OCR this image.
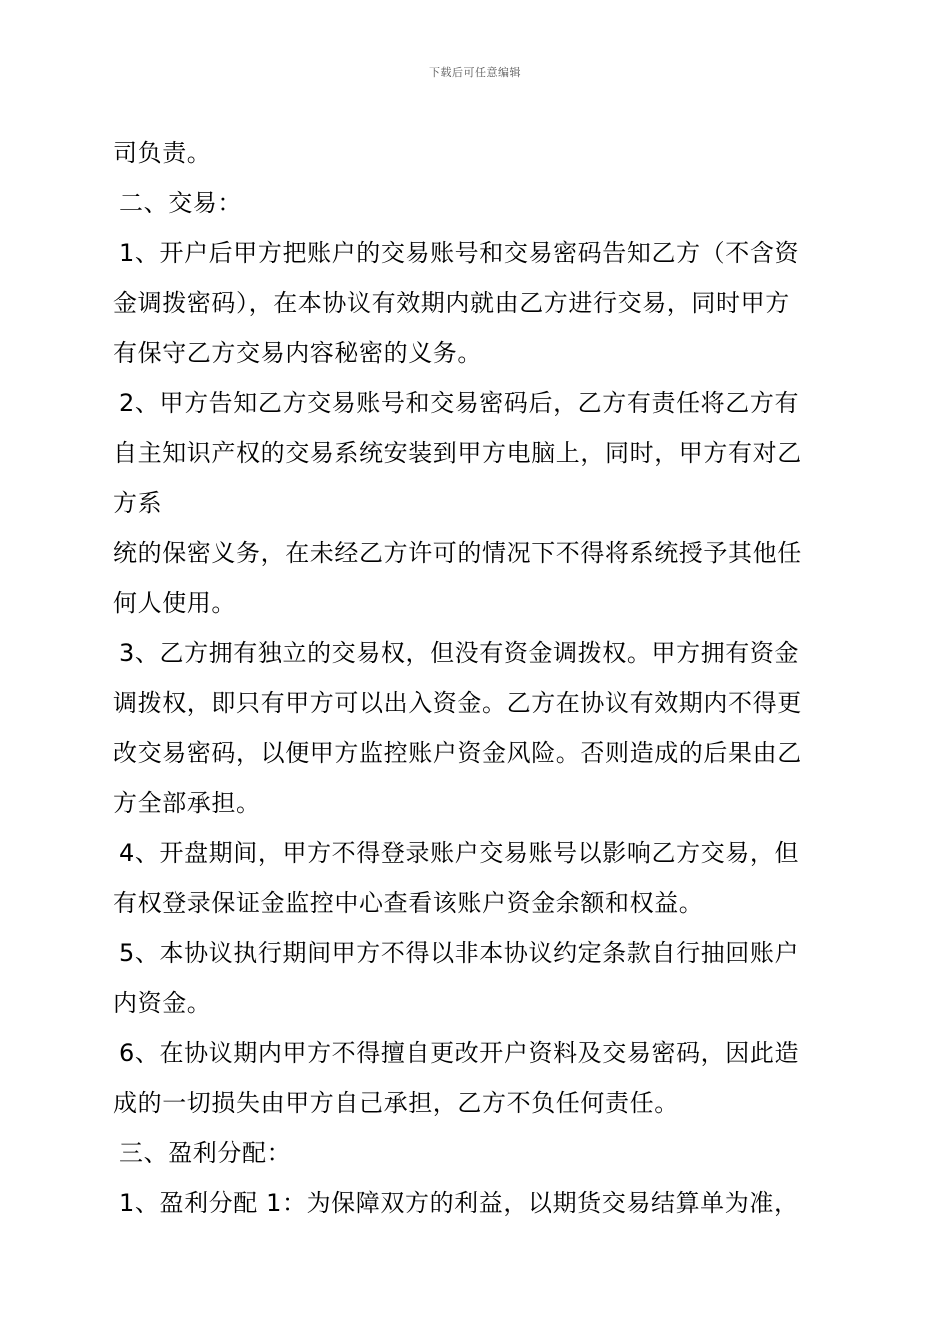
下载后可任意编辑
司负责。
二、交易：
1、开户后甲方把账户的交易账号和交易密码告知乙方（不含资
金调拨密码），在本协议有效期内就由乙方进行交易，同时甲方
有保守乙方交易内容秘密的义务。
2、甲方告知乙方交易账号和交易密码后，乙方有责任将乙方有
自主知识产权的交易系统安装到甲方电脑上，同时，甲方有对乙
方系
统的保密义务，在未经乙方许可的情况下不得将系统授予其他任
何人使用。
3、乙方拥有独立的交易权，但没有资金调拨权。甲方拥有资金
调拨权，即只有甲方可以出入资金。乙方在协议有效期内不得更
改交易密码，以便甲方监控账户资金风险。否则造成的后果由乙
方全部承担。
4、开盘期间，甲方不得登录账户交易账号以影响乙方交易，但
有权登录保证金监控中心查看该账户资金余额和权益。
5、本协议执行期间甲方不得以非本协议约定条款自行抽回账户
内资金。
6、在协议期内甲方不得擅自更改开户资料及交易密码，因此造
成的一切损失由甲方自己承担，乙方不负任何责任。
三、盈利分配：
1、盈利分配 1：为保障双方的利益，以期货交易结算单为准，
